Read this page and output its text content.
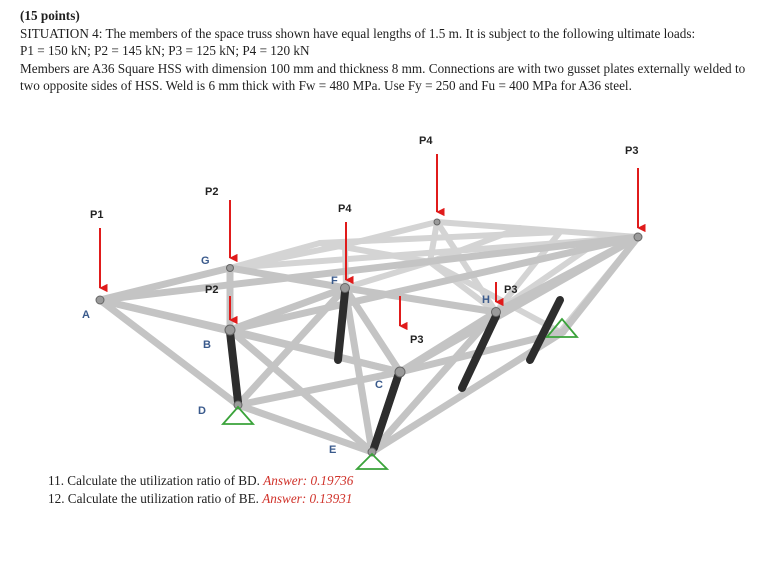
(15 points)

SITUATION 4: The members of the space truss shown have equal lengths of 1.5 m. It is subject to the following ultimate loads:

P1 = 150 kN; P2 = 145 kN; P3 = 125 kN; P4 = 120 kN

Members are A36 Square HSS with dimension 100 mm and thickness 8 mm. Connections are with two gusset plates externally welded to two opposite sides of HSS. Weld is 6 mm thick with Fw = 480 MPa. Use Fy = 250 and Fu = 400 MPa for A36 steel.

P1
P2
P2
P4
P4
P3
P3
P3
A
B
C
D
E
F
G
H

11. Calculate the utilization ratio of BD. Answer: 0.19736

12. Calculate the utilization ratio of BE. Answer: 0.13931
